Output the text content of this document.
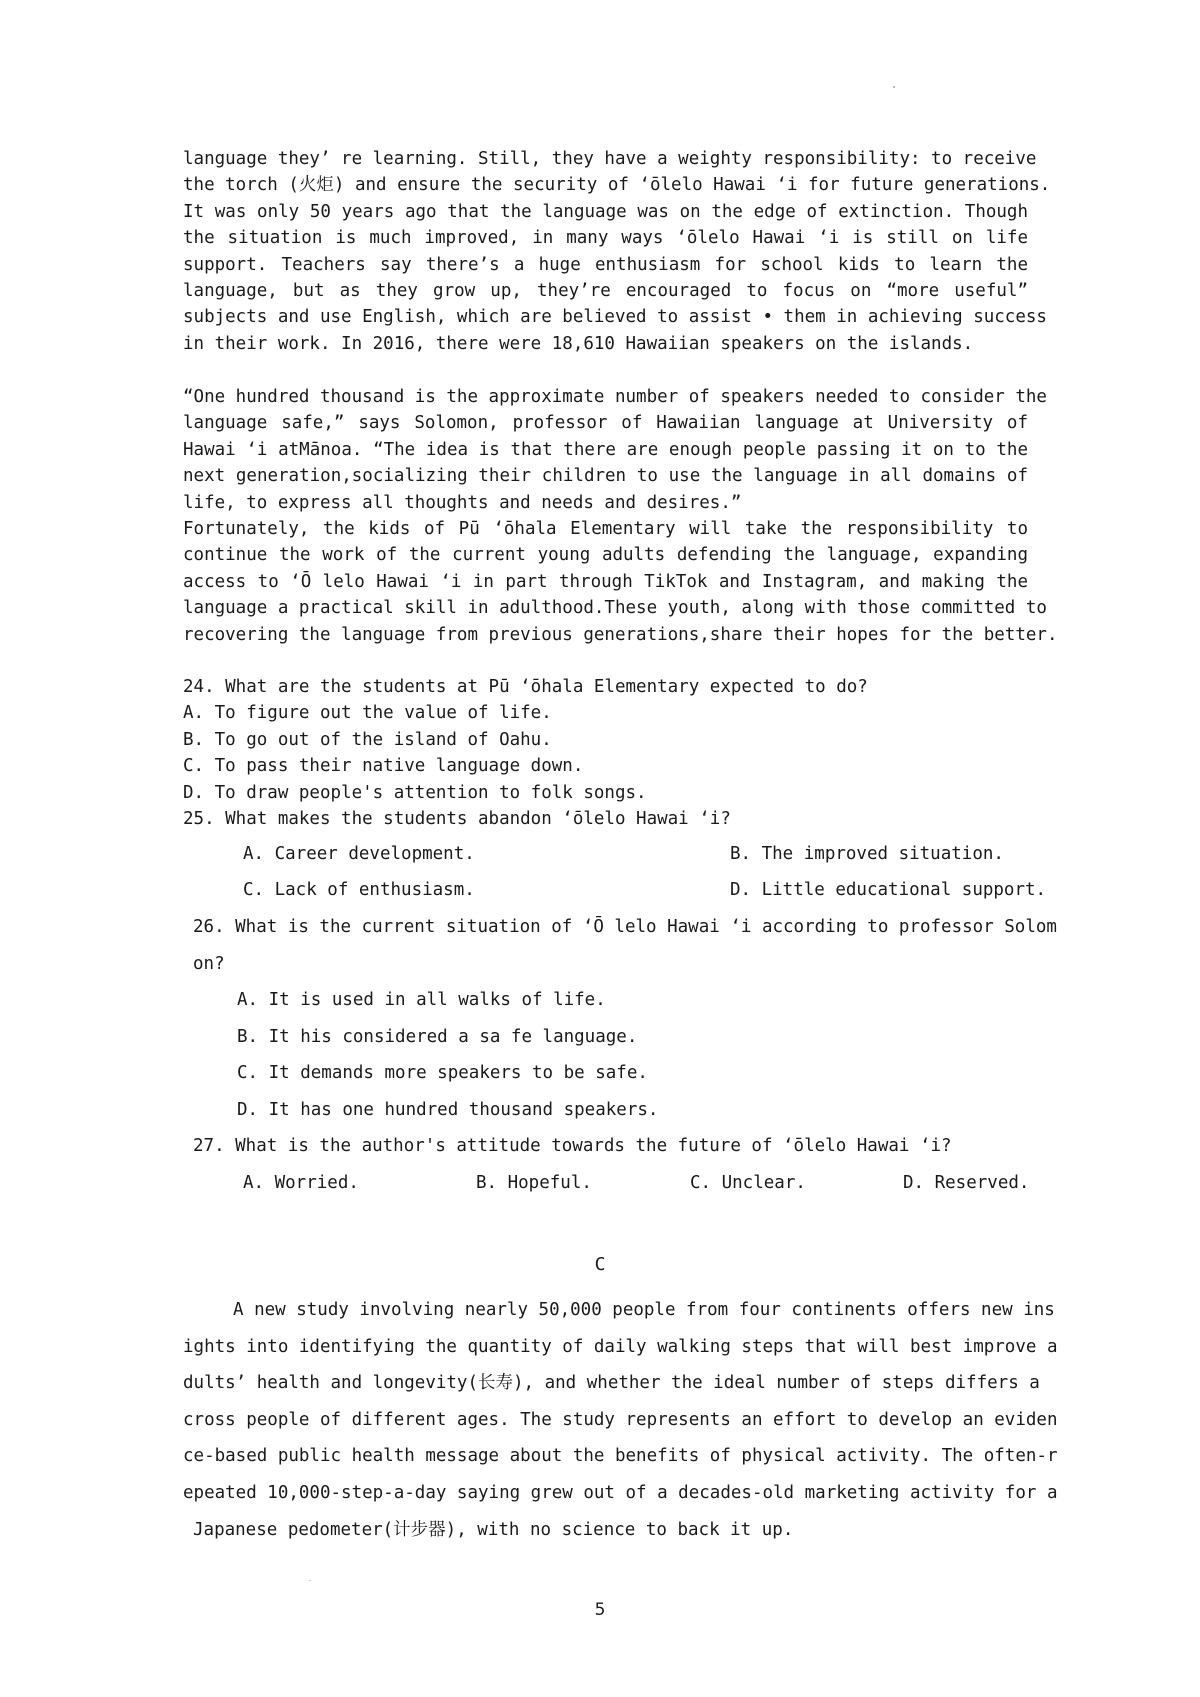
language they’ re learning. Still, they have a weighty responsibility: to receive
the torch (火炬) and ensure the security of ‘ōlelo Hawai ‘i for future generations.
It was only 50 years ago that the language was on the edge of extinction. Though
the situation is much improved, in many ways ‘ōlelo Hawai ‘i is still on life
support. Teachers say there’s a huge enthusiasm for school kids to learn the
language, but as they grow up, they’re encouraged to focus on “more useful”
subjects and use English, which are believed to assist • them in achieving success
in their work. In 2016, there were 18,610 Hawaiian speakers on the islands.
“One hundred thousand is the approximate number of speakers needed to consider the
language safe,” says Solomon, professor of Hawaiian language at University of
Hawai ‘i atMānoa. “The idea is that there are enough people passing it on to the
next generation,socializing their children to use the language in all domains of
life, to express all thoughts and needs and desires.”
Fortunately, the kids of Pū ‘ōhala Elementary will take the responsibility to
continue the work of the current young adults defending the language, expanding
access to ‘Ō lelo Hawai ‘i in part through TikTok and Instagram, and making the
language a practical skill in adulthood.These youth, along with those committed to
recovering the language from previous generations,share their hopes for the better.
24. What are the students at Pū ‘ōhala Elementary expected to do?
A. To figure out the value of life.
B. To go out of the island of Oahu.
C. To pass their native language down.
D. To draw people's attention to folk songs.
25. What makes the students abandon ‘ōlelo Hawai ‘i?
A. Career development.	B. The improved situation.
C. Lack of enthusiasm.	D. Little educational support.
26. What is the current situation of ‘Ō lelo Hawai ‘i according to professor Solom
on?
A. It is used in all walks of life.
B. It his considered a sa fe language.
C. It demands more speakers to be safe.
D. It has one hundred thousand speakers.
27. What is the author's attitude towards the future of ‘ōlelo Hawai ‘i?
A. Worried.	B. Hopeful.	C. Unclear.	D. Reserved.
C
A new study involving nearly 50,000 people from four continents offers new ins
ights into identifying the quantity of daily walking steps that will best improve a
dults’ health and longevity(长寿), and whether the ideal number of steps differs a
cross people of different ages. The study represents an effort to develop an eviden
ce-based public health message about the benefits of physical activity. The often-r
epeated 10,000-step-a-day saying grew out of a decades-old marketing activity for a
Japanese pedometer(计步器), with no science to back it up.
5
